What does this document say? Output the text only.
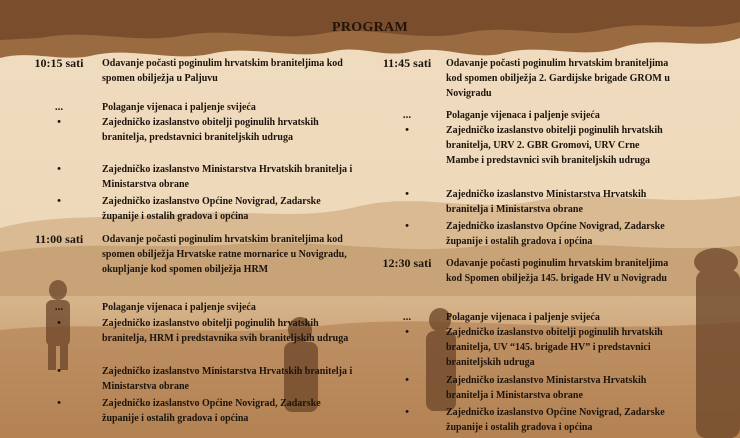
PROGRAM
10:15 sati	Odavanje počasti poginulim hrvatskim braniteljima kod spomen obilježja u Paljuvu
...	Polaganje vijenaca i paljenje svijeća
•	Zajedničko izaslanstvo obitelji poginulih hrvatskih branitelja, predstavnici braniteljskih udruga
•	Zajedničko izaslanstvo Ministarstva Hrvatskih branitelja i Ministarstva obrane
•	Zajedničko izaslanstvo Općine Novigrad, Zadarske županije i ostalih gradova i općina
11:00 sati	Odavanje počasti poginulim hrvatskim braniteljima kod spomen obilježja Hrvatske ratne mornarice u Novigradu, okupljanje kod spomen obilježja HRM
...	Polaganje vijenaca i paljenje svijeća
•	Zajedničko izaslanstvo obitelji poginulih hrvatskih branitelja, HRM i predstavnika svih braniteljskih udruga
•	Zajedničko izaslanstvo Ministarstva Hrvatskih branitelja i Ministarstva obrane
•	Zajedničko izaslanstvo Općine Novigrad, Zadarske županije i ostalih gradova i općina
11:45 sati	Odavanje počasti poginulim hrvatskim braniteljima kod spomen obilježja 2. Gardijske brigade GROM u Novigradu
...	Polaganje vijenaca i paljenje svijeća
•	Zajedničko izaslanstvo obitelji poginulih hrvatskih branitelja, URV 2. GBR Gromovi, URV Crne Mambe i predstavnici svih braniteljskih udruga
•	Zajedničko izaslanstvo Ministarstva Hrvatskih branitelja i Ministarstva obrane
•	Zajedničko izaslanstvo Općine Novigrad, Zadarske županije i ostalih gradova i općina
12:30 sati	Odavanje počasti poginulim hrvatskim braniteljima kod Spomen obilježja 145. brigade HV u Novigradu
...	Polaganje vijenaca i paljenje svijeća
•	Zajedničko izaslanstvo obitelji poginulih hrvatskih branitelja, UV “145. brigade HV” i predstavnici braniteljskih udruga
•	Zajedničko izaslanstvo Ministarstva Hrvatskih branitelja i Ministarstva obrane
•	Zajedničko izaslanstvo Općine Novigrad, Zadarske županije i ostalih gradova i općina
